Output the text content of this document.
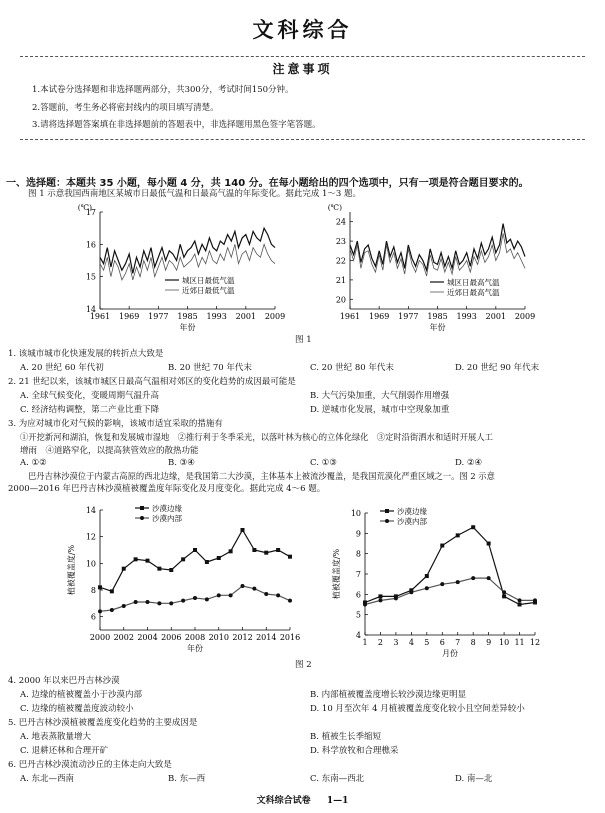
文科综合
注意事项
1.本试卷分选择题和非选择题两部分，共300分，考试时间150分钟。
2.答题前，考生务必将密封线内的项目填写清楚。
3.请将选择题答案填在非选择题前的答题表中，非选择题用黑色签字笔答题。
一、选择题：本题共 35 小题，每小题 4 分，共 140 分。在每小题给出的四个选项中，只有一项是符合题目要求的。
图 1 示意我国西南地区某城市日最低气温和日最高气温的年际变化。据此完成 1～3 题。
14
15
16
17
1961 1969 1977 1985 1993 2001 2009
(℃)
年份
城区日最低气温
近郊日最低气温
20
21
22
23
24
1961 1969 1977 1985 1993 2001 2009
(℃)
年份
城区日最高气温
近郊日最高气温
图 1
1. 该城市城市化快速发展的转折点大致是
A. 20 世纪 60 年代初	B. 20 世纪 70 年代末	C. 20 世纪 80 年代末	D. 20 世纪 90 年代末
2. 21 世纪以来，该城市城区日最高气温相对郊区的变化趋势的成因最可能是
A. 全球气候变化，变暖周期气温升高	B. 大气污染加重，大气削弱作用增强
C. 经济结构调整，第二产业比重下降	D. 逆城市化发展，城市中空现象加重
3. 为应对城市化对气候的影响，该城市适宜采取的措施有
①开挖新河和湖泊，恢复和发展城市湿地　②推行利于冬季采光，以落叶林为核心的立体化绿化　③定时沿街洒水和适时开展人工
增雨　④道路窄化，以提高狭管效应的散热功能
A. ①②	B. ③④	C. ①③	D. ②④
巴丹吉林沙漠位于内蒙古高原的西北边缘，是我国第二大沙漠，主体基本上被流沙覆盖，是我国荒漠化严重区域之一。图 2 示意
2000—2016 年巴丹吉林沙漠植被覆盖度年际变化及月度变化。据此完成 4～6 题。
6
8
10
12
14
2000 2002 2004 2006 2008 2010 2012 2014 2016
植被覆盖度/%
年份
沙漠边缘
沙漠内部
4
5
6
7
8
9
10
1 2 3 4 5 6 7 8 9 10 11 12
植被覆盖度/%
月份
沙漠边缘
沙漠内部
图 2
4. 2000 年以来巴丹吉林沙漠
A. 边缘的植被覆盖小于沙漠内部	B. 内部植被覆盖度增长较沙漠边缘更明显
C. 边缘的植被覆盖度波动较小	D. 10 月至次年 4 月植被覆盖度变化较小且空间差异较小
5. 巴丹吉林沙漠植被覆盖度变化趋势的主要成因是
A. 地表蒸散量增大	B. 植被生长季缩短
C. 退耕还林和合理开矿	D. 科学放牧和合理樵采
6. 巴丹吉林沙漠流动沙丘的主体走向大致是
A. 东北—西南	B. 东—西	C. 东南—西北	D. 南—北
文科综合试卷 1—1
